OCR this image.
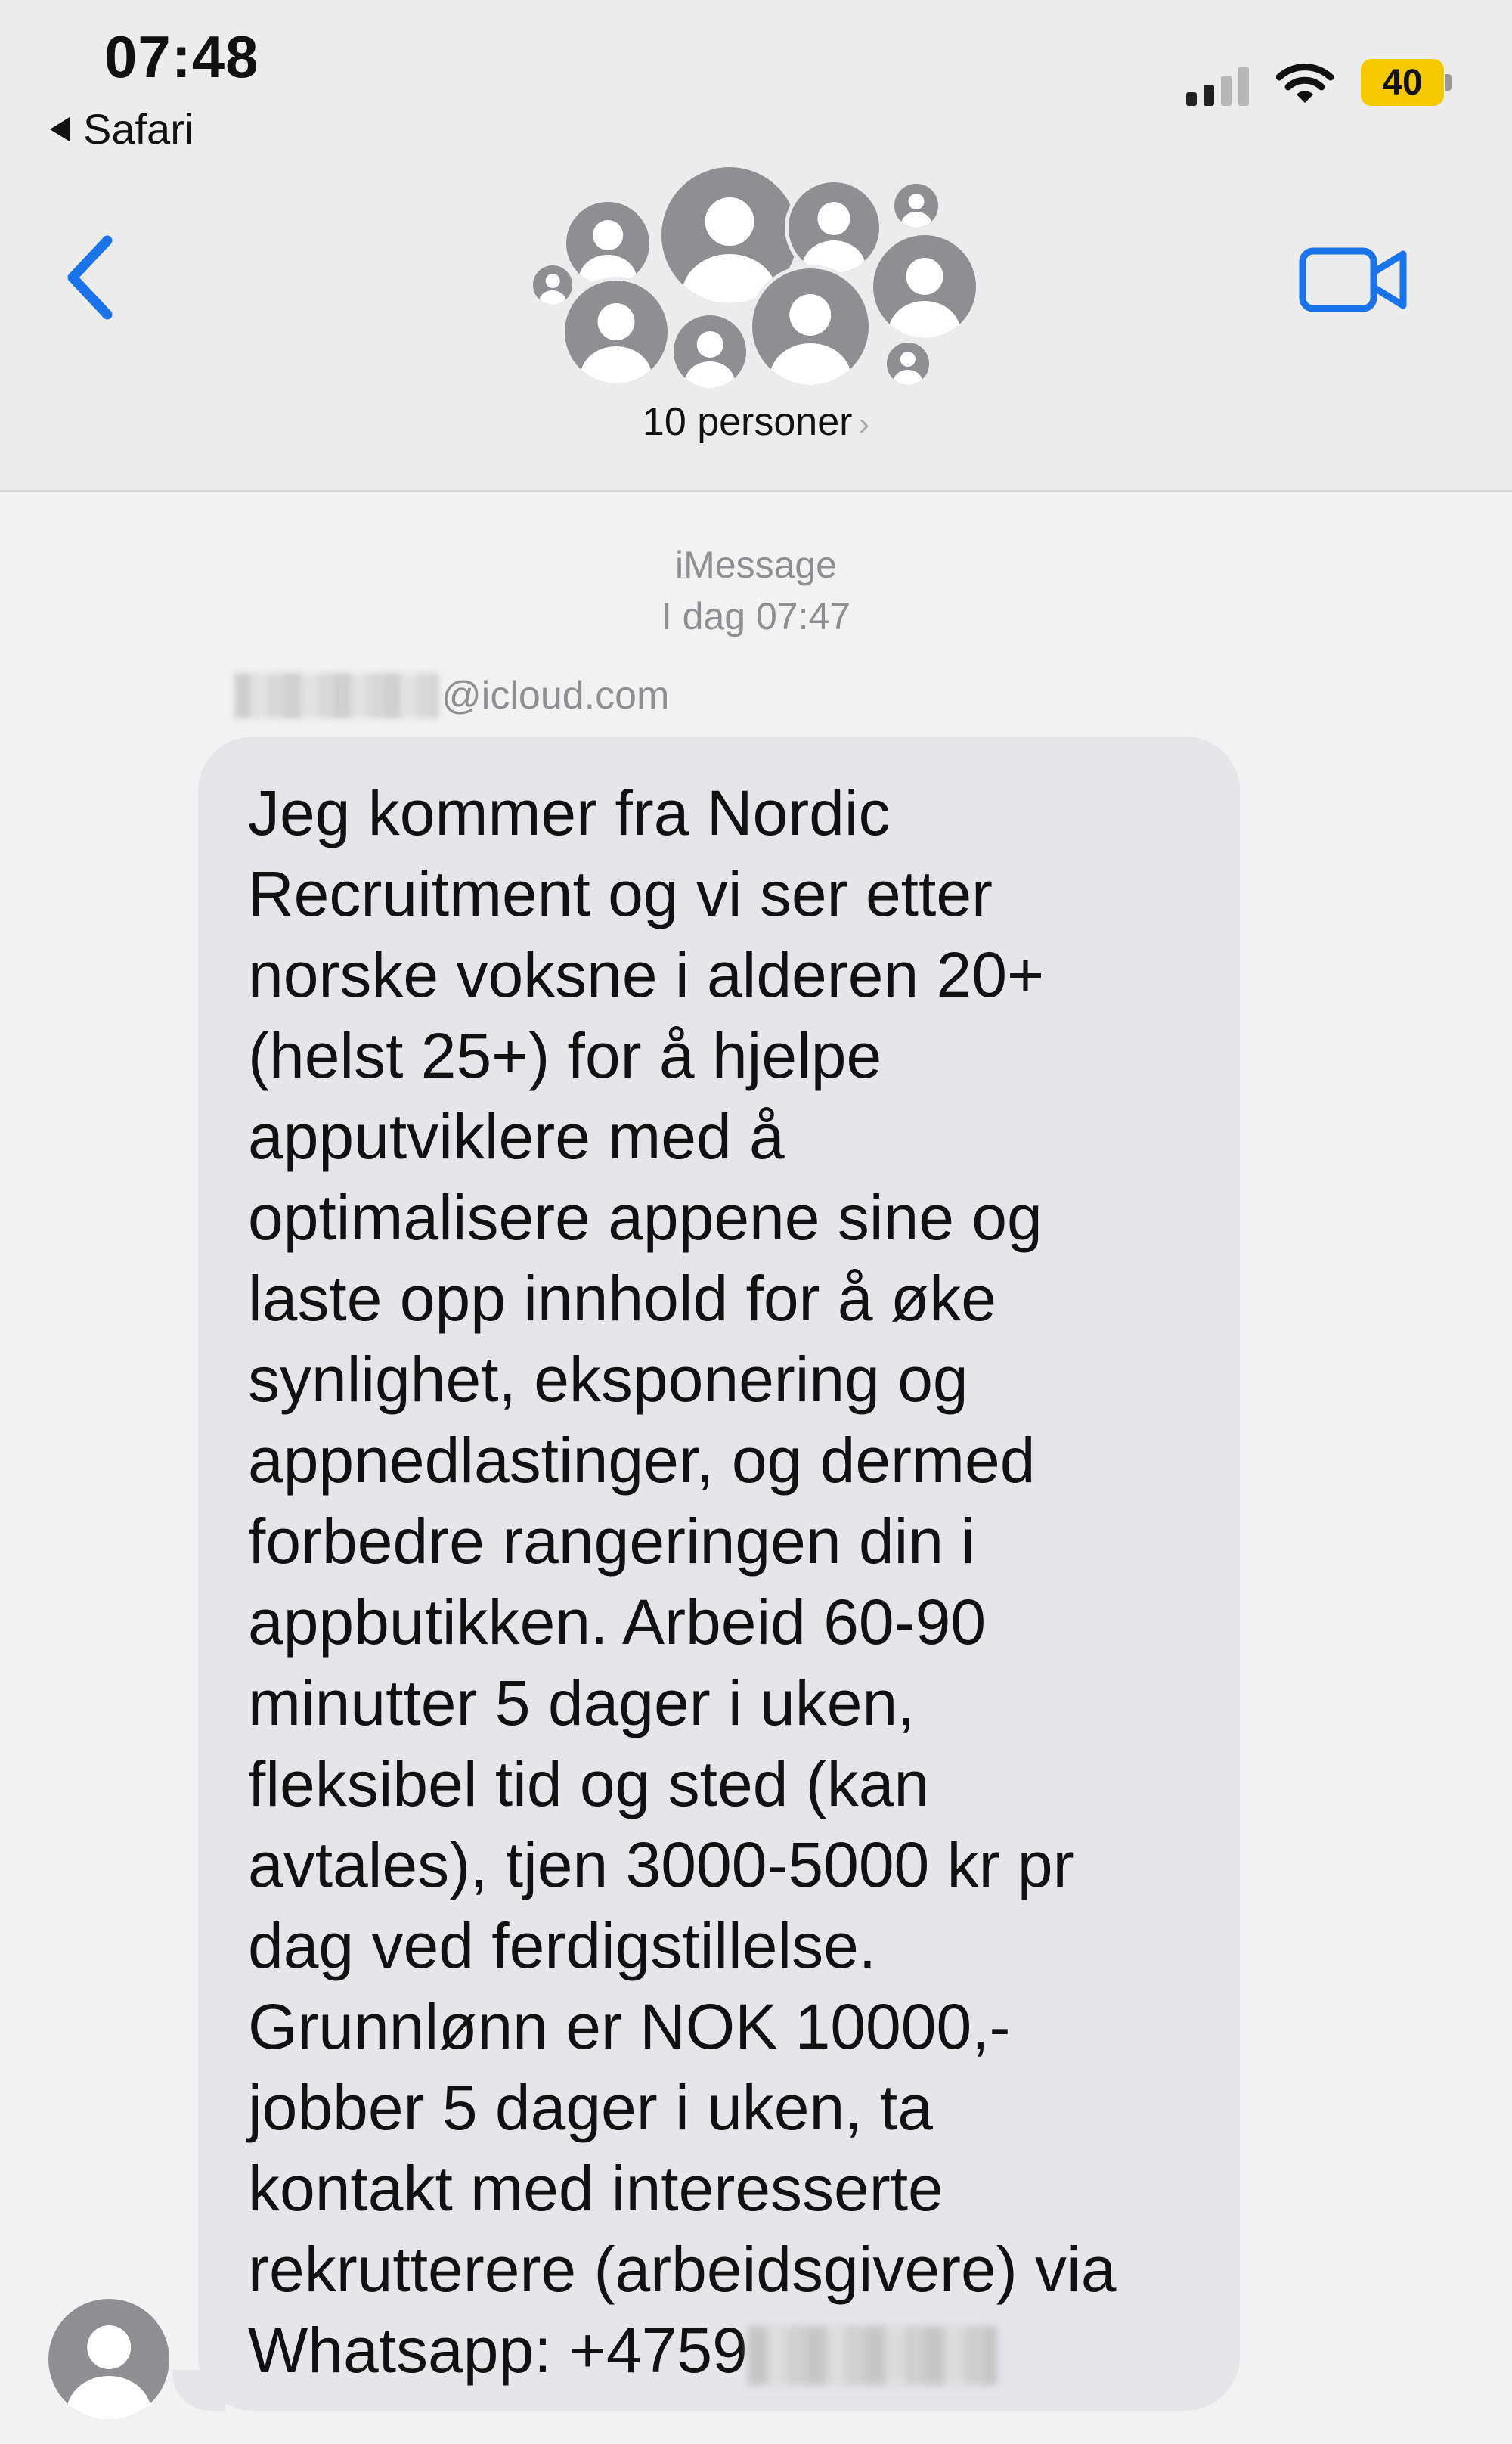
07:48
Safari
40
10 personer ›
iMessage
I dag 07:47
@icloud.com
Jeg kommer fra Nordic
Recruitment og vi ser etter
norske voksne i alderen 20+
(helst 25+) for å hjelpe
apputviklere med å
optimalisere appene sine og
laste opp innhold for å øke
synlighet, eksponering og
appnedlastinger, og dermed
forbedre rangeringen din i
appbutikken. Arbeid 60-90
minutter 5 dager i uken,
fleksibel tid og sted (kan
avtales), tjen 3000-5000 kr pr
dag ved ferdigstillelse.
Grunnlønn er NOK 10000,-
jobber 5 dager i uken, ta
kontakt med interesserte
rekrutterere (arbeidsgivere) via
Whatsapp: +4759
